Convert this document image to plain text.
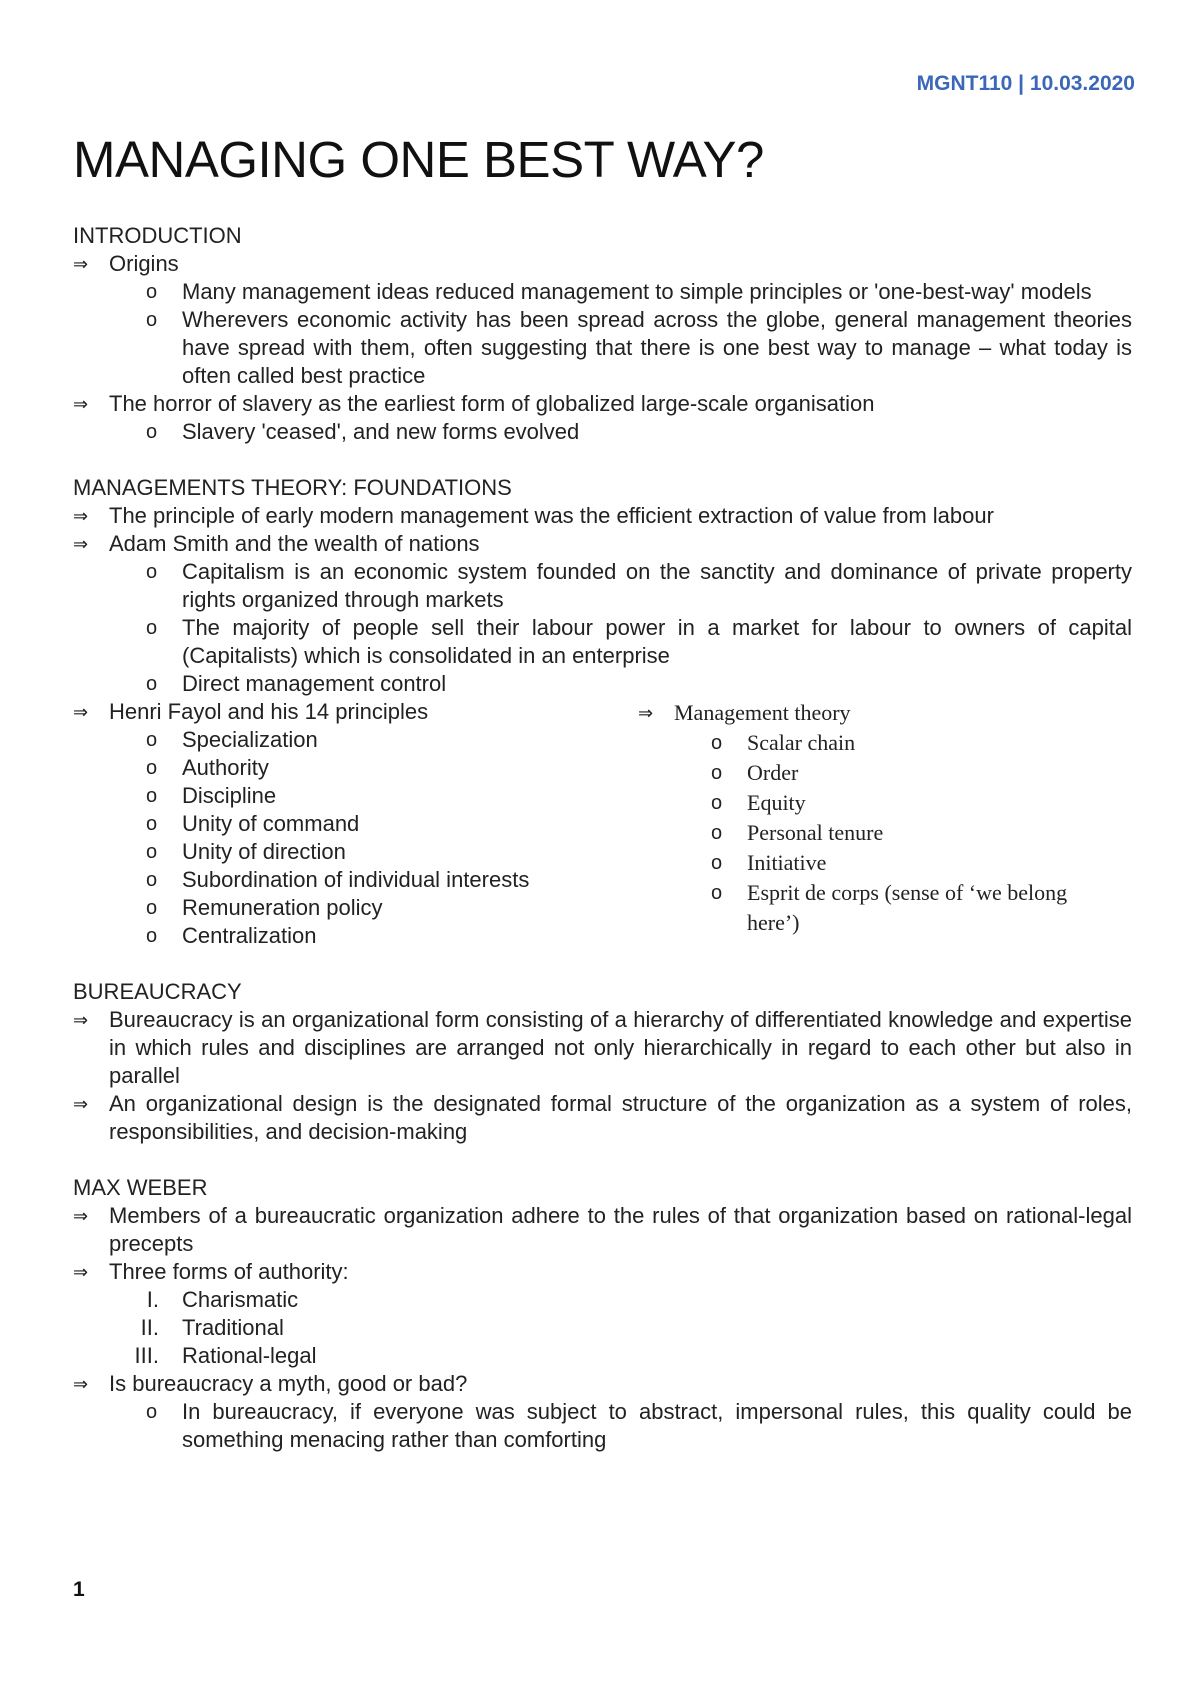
MGNT110 | 10.03.2020
MANAGING ONE BEST WAY?
INTRODUCTION
⇒ Origins
o Many management ideas reduced management to simple principles or 'one-best-way' models
o Wherevers economic activity has been spread across the globe, general management theories have spread with them, often suggesting that there is one best way to manage – what today is often called best practice
⇒ The horror of slavery as the earliest form of globalized large-scale organisation
o Slavery 'ceased', and new forms evolved
MANAGEMENTS THEORY: FOUNDATIONS
⇒ The principle of early modern management was the efficient extraction of value from labour
⇒ Adam Smith and the wealth of nations
o Capitalism is an economic system founded on the sanctity and dominance of private property rights organized through markets
o The majority of people sell their labour power in a market for labour to owners of capital (Capitalists) which is consolidated in an enterprise
o Direct management control
⇒ Henri Fayol and his 14 principles
o Specialization
o Authority
o Discipline
o Unity of command
o Unity of direction
o Subordination of individual interests
o Remuneration policy
o Centralization
⇒ Management theory
o Scalar chain
o Order
o Equity
o Personal tenure
o Initiative
o Esprit de corps (sense of ‘we belong here’)
BUREAUCRACY
⇒ Bureaucracy is an organizational form consisting of a hierarchy of differentiated knowledge and expertise in which rules and disciplines are arranged not only hierarchically in regard to each other but also in parallel
⇒ An organizational design is the designated formal structure of the organization as a system of roles, responsibilities, and decision-making
MAX WEBER
⇒ Members of a bureaucratic organization adhere to the rules of that organization based on rational-legal precepts
⇒ Three forms of authority:
I. Charismatic
II. Traditional
III. Rational-legal
⇒ Is bureaucracy a myth, good or bad?
o In bureaucracy, if everyone was subject to abstract, impersonal rules, this quality could be something menacing rather than comforting
1
